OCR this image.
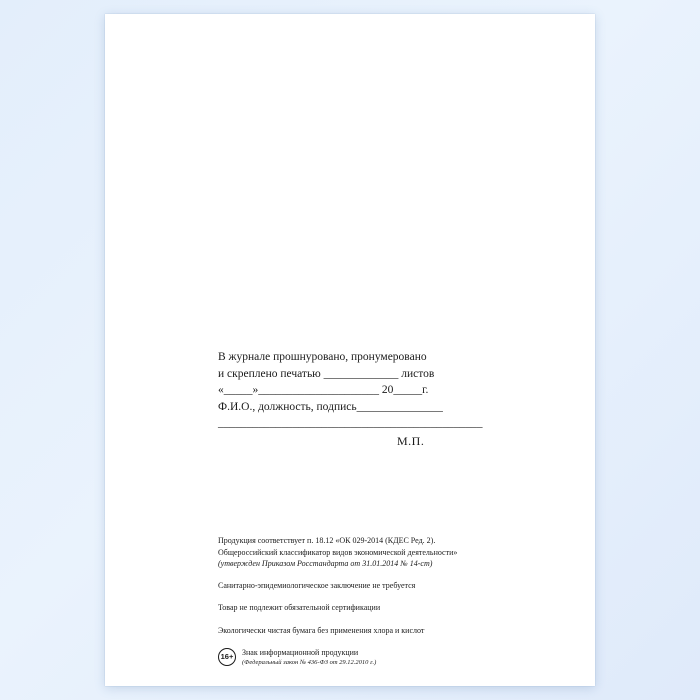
В журнале прошнуровано, пронумеровано
и скреплено печатью _____________ листов
«_____»_____________________ 20_____г.
Ф.И.О., должность, подпись_______________
______________________________________________
М.П.
Продукция соответствует п. 18.12 «ОК 029-2014 (КДЕС Ред. 2).
Общероссийский классификатор видов экономической деятельности»
(утвержден Приказом Росстандарта от 31.01.2014 № 14-ст)
Санитарно-эпидемиологическое заключение не требуется
Товар не подлежит обязательной сертификации
Экологически чистая бумага без применения хлора и кислот
16+	Знак информационной продукции
(Федеральный закон № 436-ФЗ от 29.12.2010 г.)
